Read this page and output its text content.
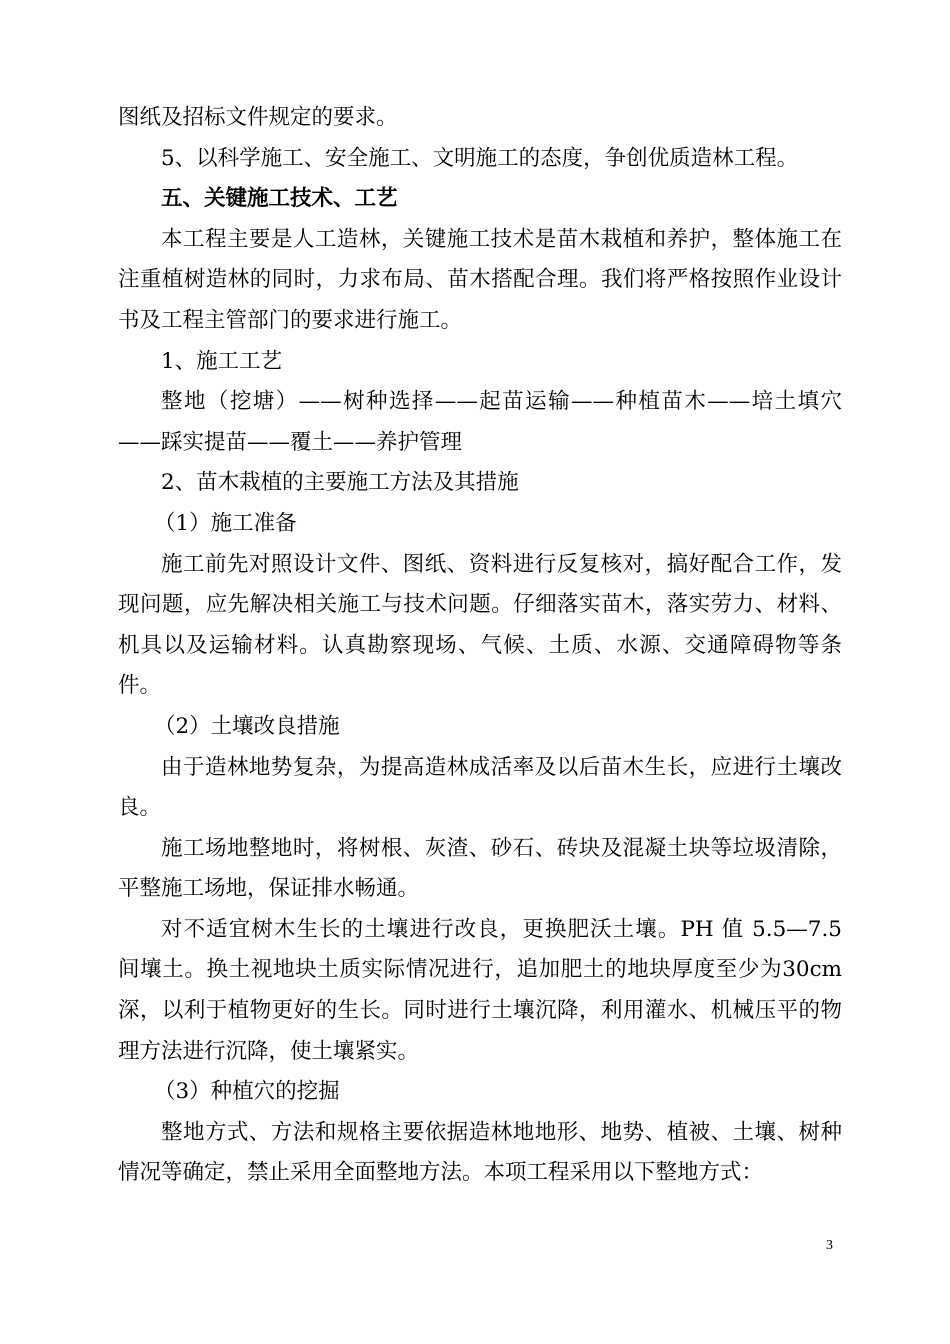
图纸及招标文件规定的要求。

5、以科学施工、安全施工、文明施工的态度，争创优质造林工程。

五、关键施工技术、工艺

本工程主要是人工造林，关键施工技术是苗木栽植和养护，整体施工在注重植树造林的同时，力求布局、苗木搭配合理。我们将严格按照作业设计书及工程主管部门的要求进行施工。

1、施工工艺

整地（挖塘）——树种选择——起苗运输——种植苗木——培土填穴——踩实提苗——覆土——养护管理

2、苗木栽植的主要施工方法及其措施

（1）施工准备

施工前先对照设计文件、图纸、资料进行反复核对，搞好配合工作，发现问题，应先解决相关施工与技术问题。仔细落实苗木，落实劳力、材料、机具以及运输材料。认真勘察现场、气候、土质、水源、交通障碍物等条件。

（2）土壤改良措施

由于造林地势复杂，为提高造林成活率及以后苗木生长，应进行土壤改良。

施工场地整地时，将树根、灰渣、砂石、砖块及混凝土块等垃圾清除，平整施工场地，保证排水畅通。

对不适宜树木生长的土壤进行改良，更换肥沃土壤。PH 值 5.5—7.5 间壤土。换土视地块土质实际情况进行，追加肥土的地块厚度至少为30cm深，以利于植物更好的生长。同时进行土壤沉降，利用灌水、机械压平的物理方法进行沉降，使土壤紧实。

（3）种植穴的挖掘

整地方式、方法和规格主要依据造林地地形、地势、植被、土壤、树种情况等确定，禁止采用全面整地方法。本项工程采用以下整地方式：

3
